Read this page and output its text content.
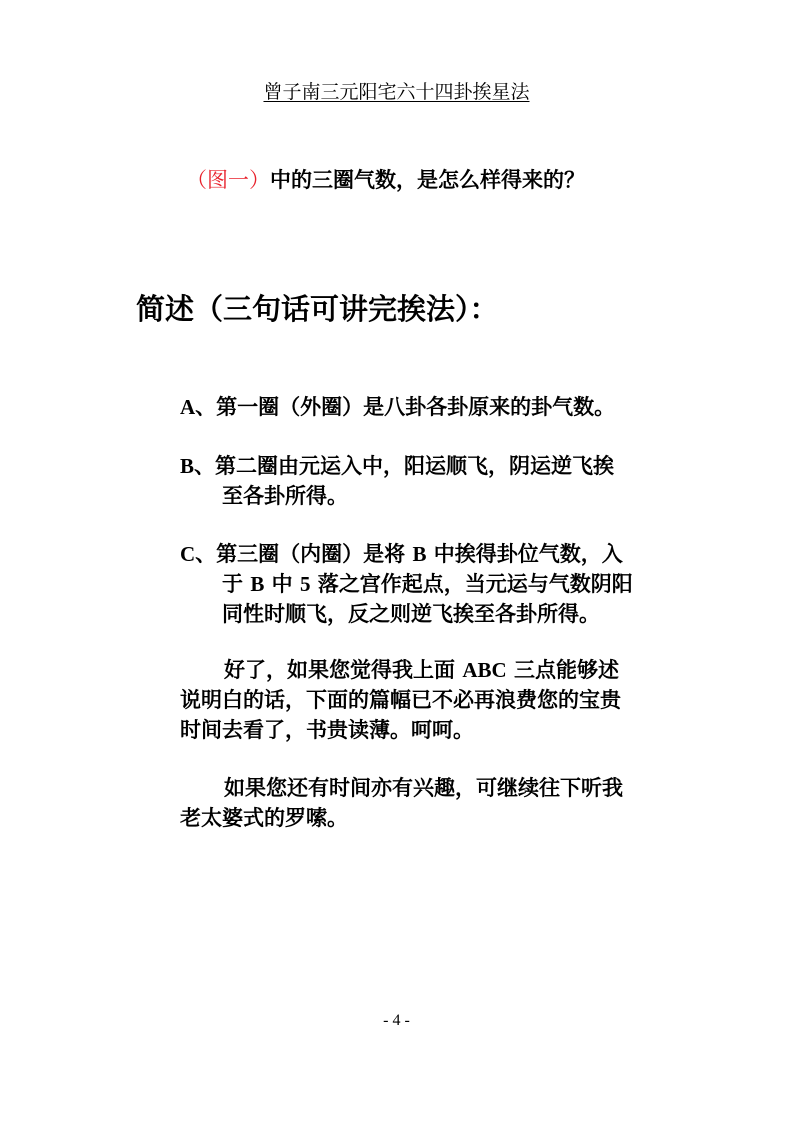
曾子南三元阳宅六十四卦挨星法
（图一）中的三圈气数，是怎么样得来的？
简述（三句话可讲完挨法）：
A、第一圈（外圈）是八卦各卦原来的卦气数。
B、第二圈由元运入中，阳运顺飞，阴运逆飞挨
至各卦所得。
C、第三圈（内圈）是将 B 中挨得卦位气数，入
于 B 中 5 落之宫作起点，当元运与气数阴阳
同性时顺飞，反之则逆飞挨至各卦所得。
好了，如果您觉得我上面 ABC 三点能够述
说明白的话，下面的篇幅已不必再浪费您的宝贵
时间去看了，书贵读薄。呵呵。
如果您还有时间亦有兴趣，可继续往下听我
老太婆式的罗嗦。
- 4 -
